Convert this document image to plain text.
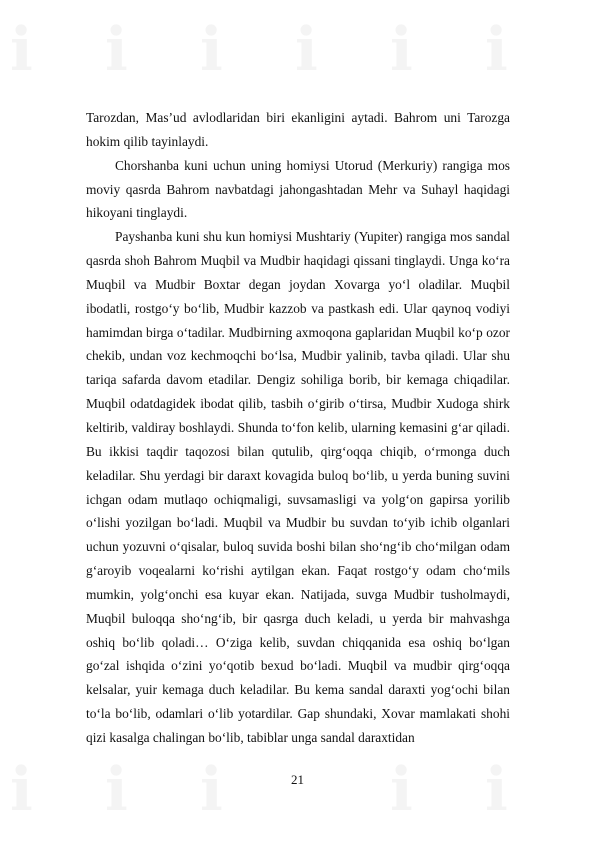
ℹ ℹ ℹ ℹ ℹ ℹ
ℹ ℹ ℹ	ℹ ℹ

Tarozdan, Mas’ud avlodlaridan biri ekanligini aytadi. Bahrom uni Tarozga hokim qilib tayinlaydi.

Chorshanba kuni uchun uning homiysi Utorud (Merkuriy) rangiga mos moviy qasrda Bahrom navbatdagi jahongashtadan Mehr va Suhayl haqidagi hikoyani tinglaydi.

Payshanba kuni shu kun homiysi Mushtariy (Yupiter) rangiga mos sandal qasrda shoh Bahrom Muqbil va Mudbir haqidagi qissani tinglaydi. Unga ko‘ra Muqbil va Mudbir Boxtar degan joydan Xovarga yo‘l oladilar. Muqbil ibodatli, rostgo‘y bo‘lib, Mudbir kazzob va pastkash edi. Ular qaynoq vodiyi hamimdan birga o‘tadilar. Mudbirning axmoqona gaplaridan Muqbil ko‘p ozor chekib, undan voz kechmoqchi bo‘lsa, Mudbir yalinib, tavba qiladi. Ular shu tariqa safarda davom etadilar. Dengiz sohiliga borib, bir kemaga chiqadilar. Muqbil odatdagidek ibodat qilib, tasbih o‘girib o‘tirsa, Mudbir Xudoga shirk keltirib, valdiray boshlaydi. Shunda to‘fon kelib, ularning kemasini g‘ar qiladi. Bu ikkisi taqdir taqozosi bilan qutulib, qirg‘oqqa chiqib, o‘rmonga duch keladilar. Shu yerdagi bir daraxt kovagida buloq bo‘lib, u yerda buning suvini ichgan odam mutlaqo ochiqmaligi, suvsamasligi va yolg‘on gapirsa yorilib o‘lishi yozilgan bo‘ladi. Muqbil va Mudbir bu suvdan to‘yib ichib olganlari uchun yozuvni o‘qisalar, buloq suvida boshi bilan sho‘ng‘ib cho‘milgan odam g‘aroyib voqealarni ko‘rishi aytilgan ekan. Faqat rostgo‘y odam cho‘mils mumkin, yolg‘onchi esa kuyar ekan. Natijada, suvga Mudbir tusholmaydi, Muqbil buloqqa sho‘ng‘ib, bir qasrga duch keladi, u yerda bir mahvashga oshiq bo‘lib qoladi… O‘ziga kelib, suvdan chiqqanida esa oshiq bo‘lgan go‘zal ishqida o‘zini yo‘qotib bexud bo‘ladi. Muqbil va mudbir qirg‘oqqa kelsalar, yuir kemaga duch keladilar. Bu kema sandal daraxti yog‘ochi bilan to‘la bo‘lib, odamlari o‘lib yotardilar. Gap shundaki, Xovar mamlakati shohi qizi kasalga chalingan bo‘lib, tabiblar unga sandal daraxtidan

21
